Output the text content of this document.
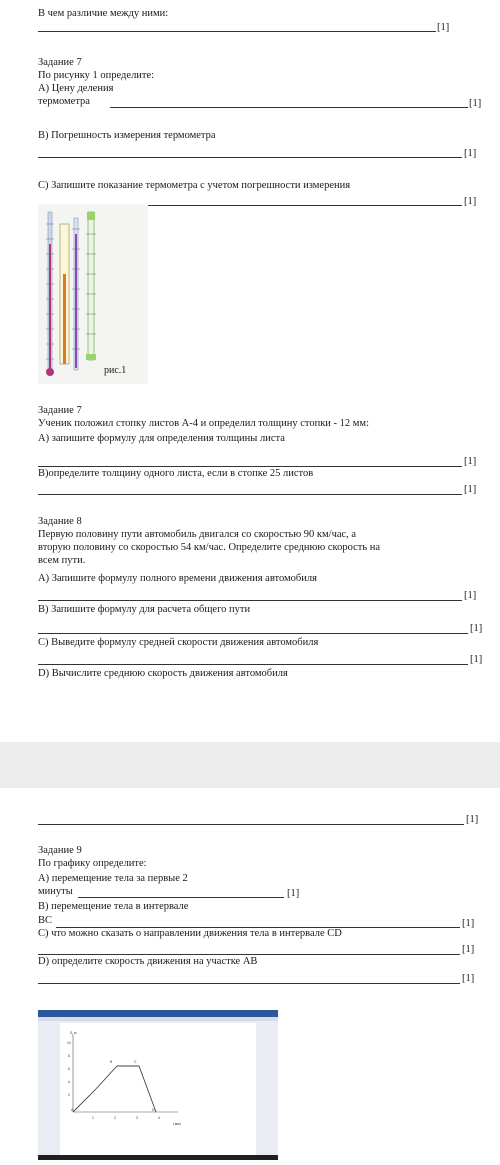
В чем различие между ними:
[1]
Задание 7
По рисунку 1 определите:
А) Цену деления
термометра	[1]
В) Погрешность измерения термометра
[1]
С) Запишите показание термометра с учетом погрешности измерения
[1]
рис.1
Задание 7
Ученик положил стопку листов А-4 и определил толщину стопки - 12 мм:
А) запишите формулу для определения толщины листа
[1]
В)определите толщину одного листа, если в стопке 25 листов
[1]
Задание 8
Первую половину пути автомобиль двигался со скоростью 90 км/час, а
вторую половину со скоростью 54 км/час. Определите среднюю скорость на
всем пути.
А) Запишите формулу полного времени движения автомобиля
[1]
В) Запишите формулу для расчета общего пути
[1]
С) Выведите формулу средней скорости движения автомобиля
[1]
D) Вычислите среднюю скорость движения автомобиля
[1]
Задание 9
По графику определите:
А) перемещение тела за первые 2
минуты	[1]
В) перемещение тела в интервале
ВС	[1]
С) что можно сказать о направлении движения тела в интервале CD
[1]
D) определите скорость движения на участке АВ
[1]
S, м
t,мин
10
8
6
4
2
1	2	3	4
A
B	C
D
